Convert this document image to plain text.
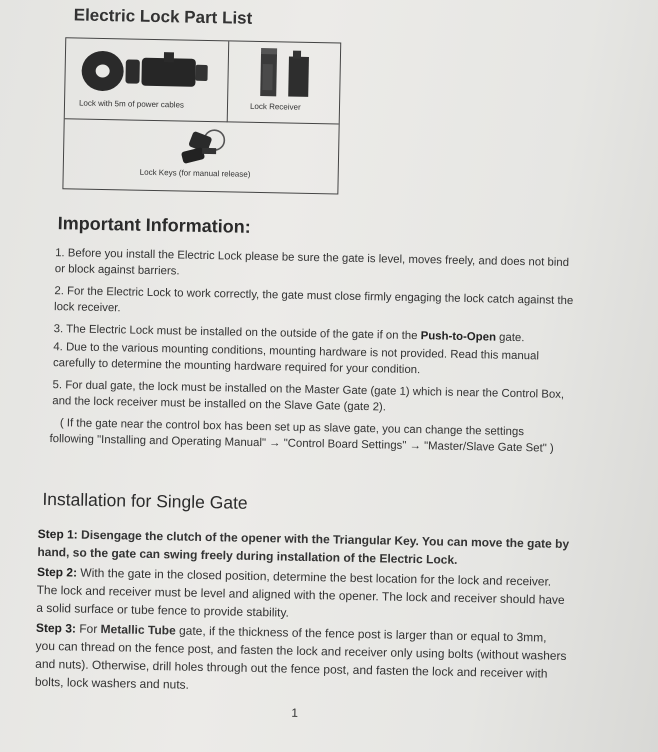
Electric Lock Part List
Lock with 5m of power cables	Lock Receiver
Lock Keys (for manual release)
Important Information:
1. Before you install the Electric Lock please be sure the gate is level, moves freely, and does not bind or block against barriers.
2. For the Electric Lock to work correctly, the gate must close firmly engaging the lock catch against the lock receiver.
3. The Electric Lock must be installed on the outside of the gate if on the Push-to-Open gate.
4. Due to the various mounting conditions, mounting hardware is not provided. Read this manual carefully to determine the mounting hardware required for your condition.
5. For dual gate, the lock must be installed on the Master Gate (gate 1) which is near the Control Box, and the lock receiver must be installed on the Slave Gate (gate 2).
( If the gate near the control box has been set up as slave gate, you can change the settings following "Installing and Operating Manual" → "Control Board Settings" → "Master/Slave Gate Set" )
Installation for Single Gate
Step 1: Disengage the clutch of the opener with the Triangular Key. You can move the gate by hand, so the gate can swing freely during installation of the Electric Lock.
Step 2: With the gate in the closed position, determine the best location for the lock and receiver. The lock and receiver must be level and aligned with the opener. The lock and receiver should have a solid surface or tube fence to provide stability.
Step 3: For Metallic Tube gate, if the thickness of the fence post is larger than or equal to 3mm, you can thread on the fence post, and fasten the lock and receiver only using bolts (without washers and nuts). Otherwise, drill holes through out the fence post, and fasten the lock and receiver with bolts, lock washers and nuts.
1
